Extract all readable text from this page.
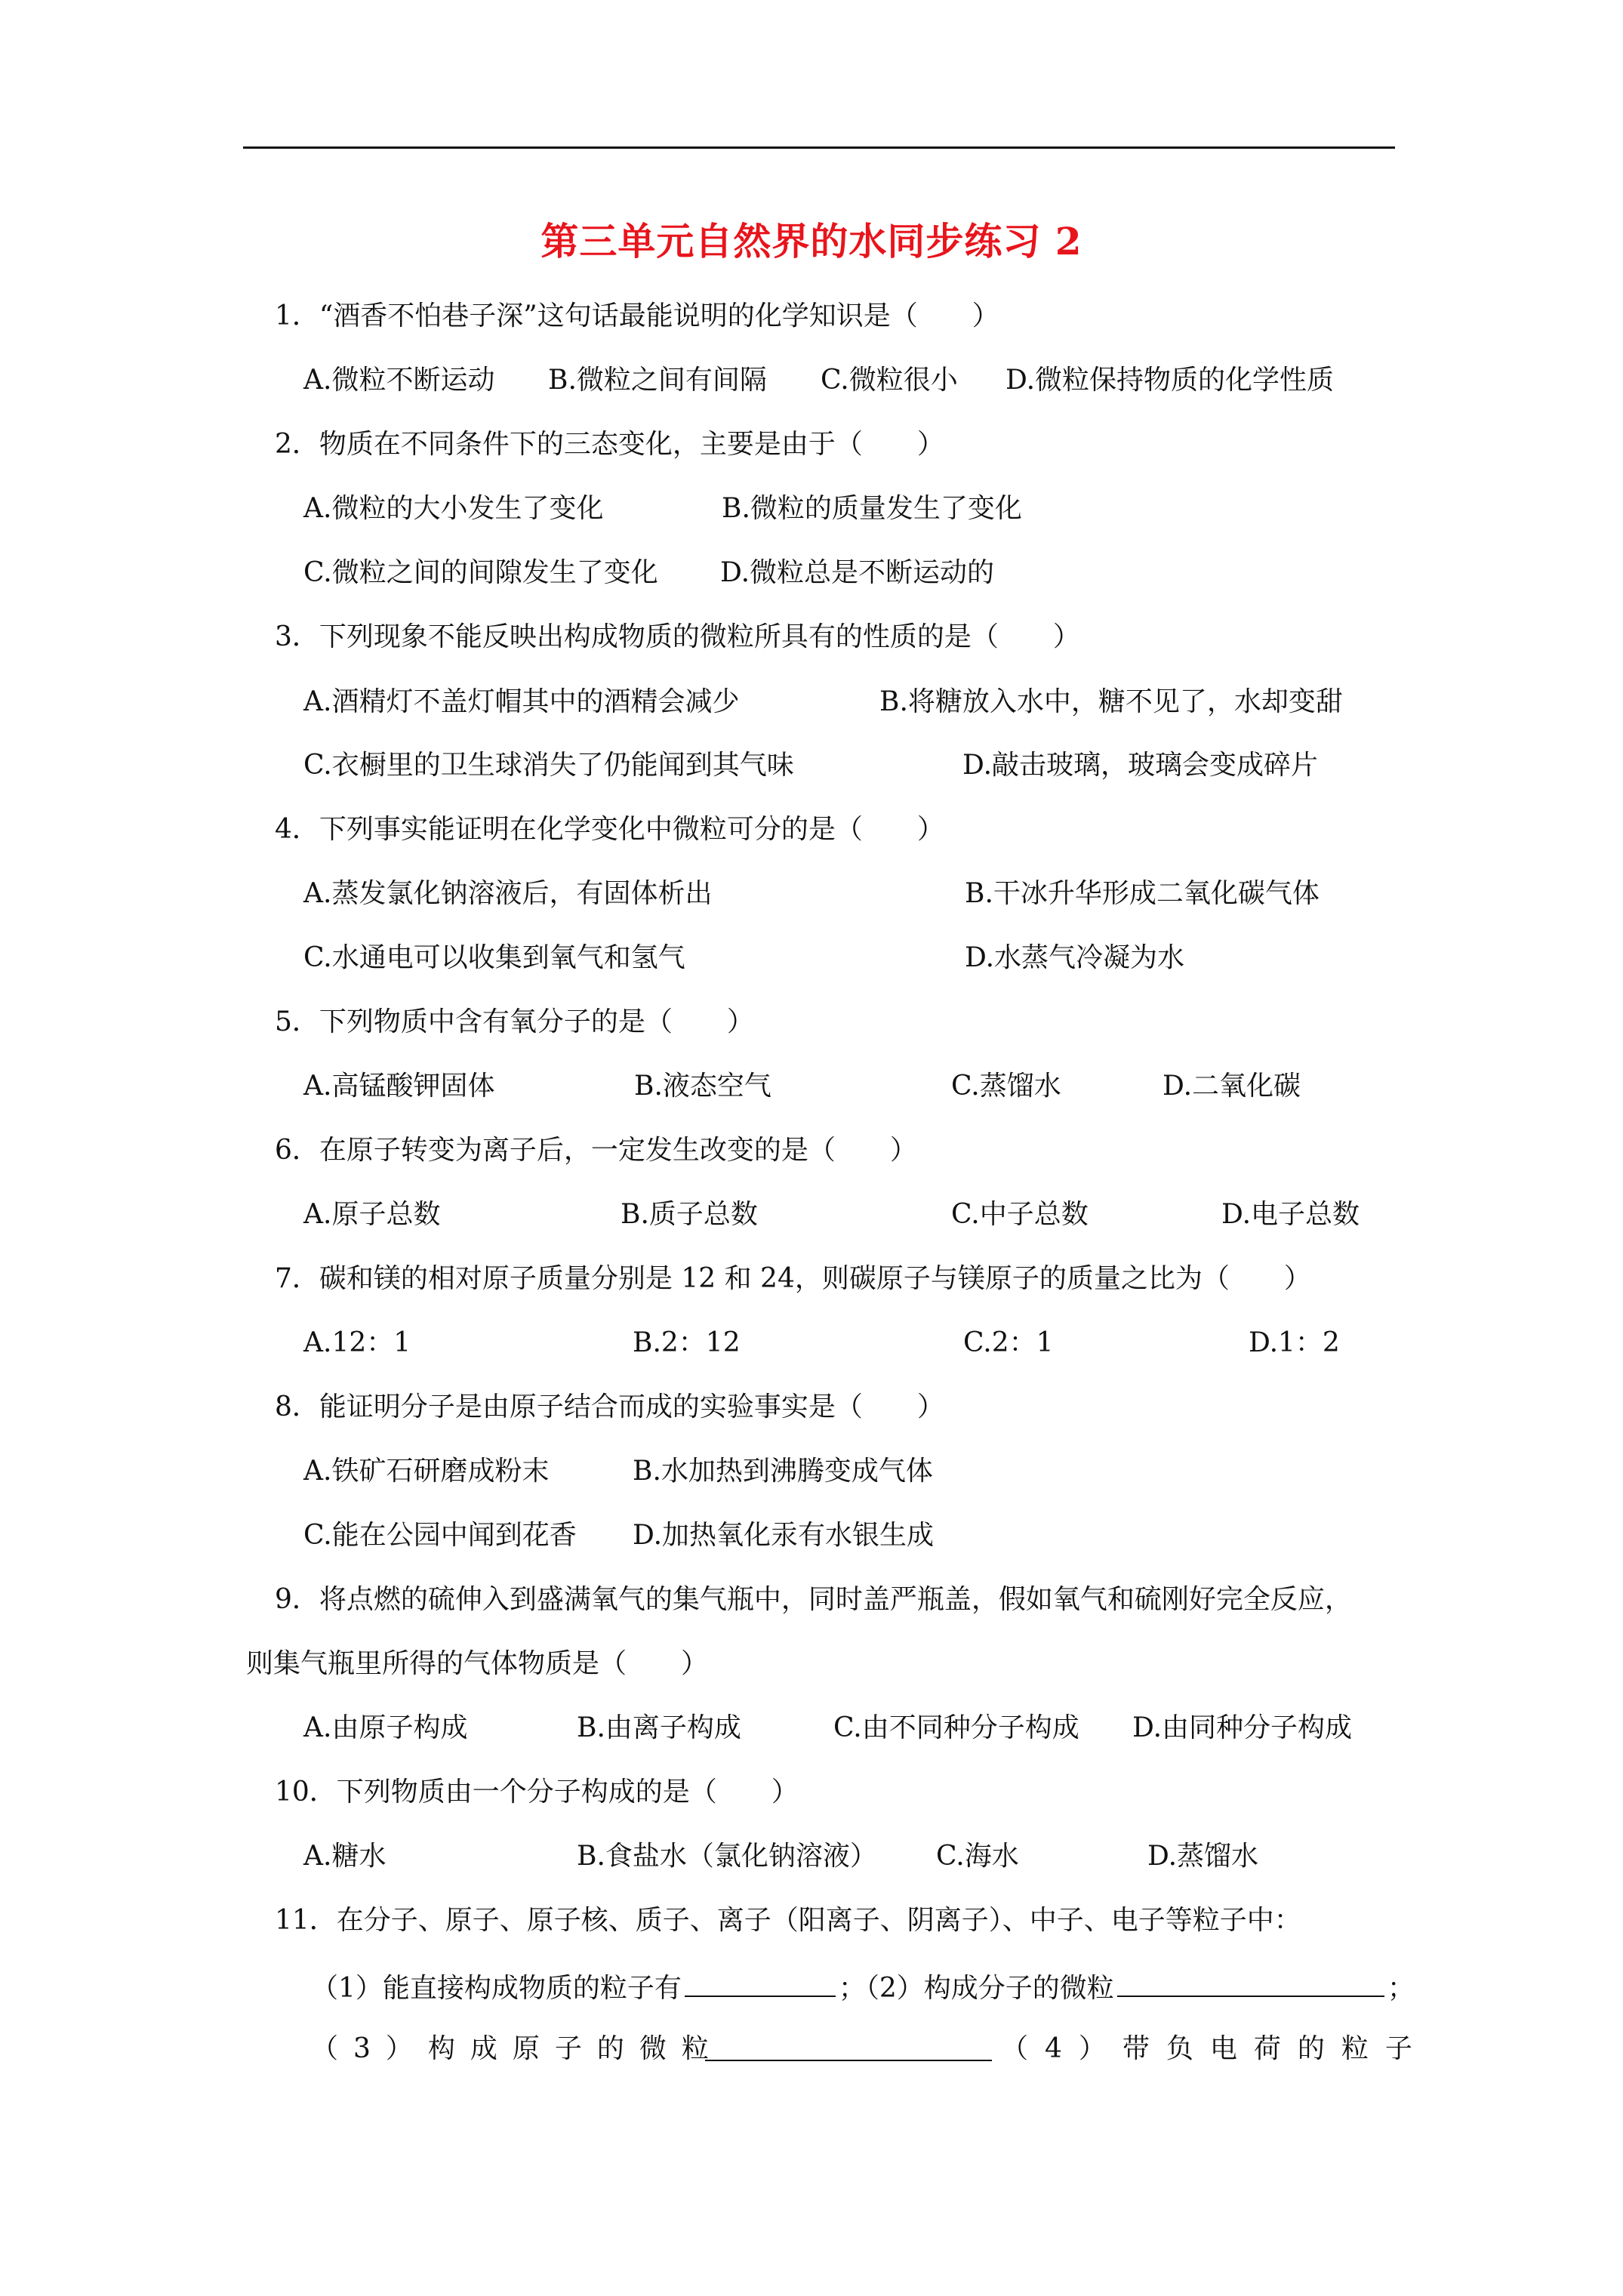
第三单元自然界的水同步练习 2
1．“酒香不怕巷子深”这句话最能说明的化学知识是（　　）
A.微粒不断运动 B.微粒之间有间隔 C.微粒很小 D.微粒保持物质的化学性质
2．物质在不同条件下的三态变化，主要是由于（　　）
A.微粒的大小发生了变化	B.微粒的质量发生了变化
C.微粒之间的间隙发生了变化 D.微粒总是不断运动的
3．下列现象不能反映出构成物质的微粒所具有的性质的是（　　）
A.酒精灯不盖灯帽其中的酒精会减少	B.将糖放入水中，糖不见了，水却变甜
C.衣橱里的卫生球消失了仍能闻到其气味	D.敲击玻璃，玻璃会变成碎片
4．下列事实能证明在化学变化中微粒可分的是（　　）
A.蒸发氯化钠溶液后，有固体析出	B.干冰升华形成二氧化碳气体
C.水通电可以收集到氧气和氢气	D.水蒸气冷凝为水
5．下列物质中含有氧分子的是（　　）
A.高锰酸钾固体	B.液态空气	C.蒸馏水	D.二氧化碳
6．在原子转变为离子后，一定发生改变的是（　　）
A.原子总数	B.质子总数	C.中子总数	D.电子总数
7．碳和镁的相对原子质量分别是 12 和 24，则碳原子与镁原子的质量之比为（　　）
A.12：1	B.2：12	C.2：1	D.1：2
8．能证明分子是由原子结合而成的实验事实是（　　）
A.铁矿石研磨成粉末	B.水加热到沸腾变成气体
C.能在公园中闻到花香 D.加热氧化汞有水银生成
9．将点燃的硫伸入到盛满氧气的集气瓶中，同时盖严瓶盖，假如氧气和硫刚好完全反应，
则集气瓶里所得的气体物质是（　　）
A.由原子构成	B.由离子构成	C.由不同种分子构成 D.由同种分子构成
10．下列物质由一个分子构成的是（　　）
A.糖水	B.食盐水（氯化钠溶液） C.海水	D.蒸馏水
11．在分子、原子、原子核、质子、离子（阳离子、阴离子）、中子、电子等粒子中：
（1）能直接构成物质的粒子有	；（2）构成分子的微粒	；
（3）构成原子的微粒	（4）带负电荷的粒子
